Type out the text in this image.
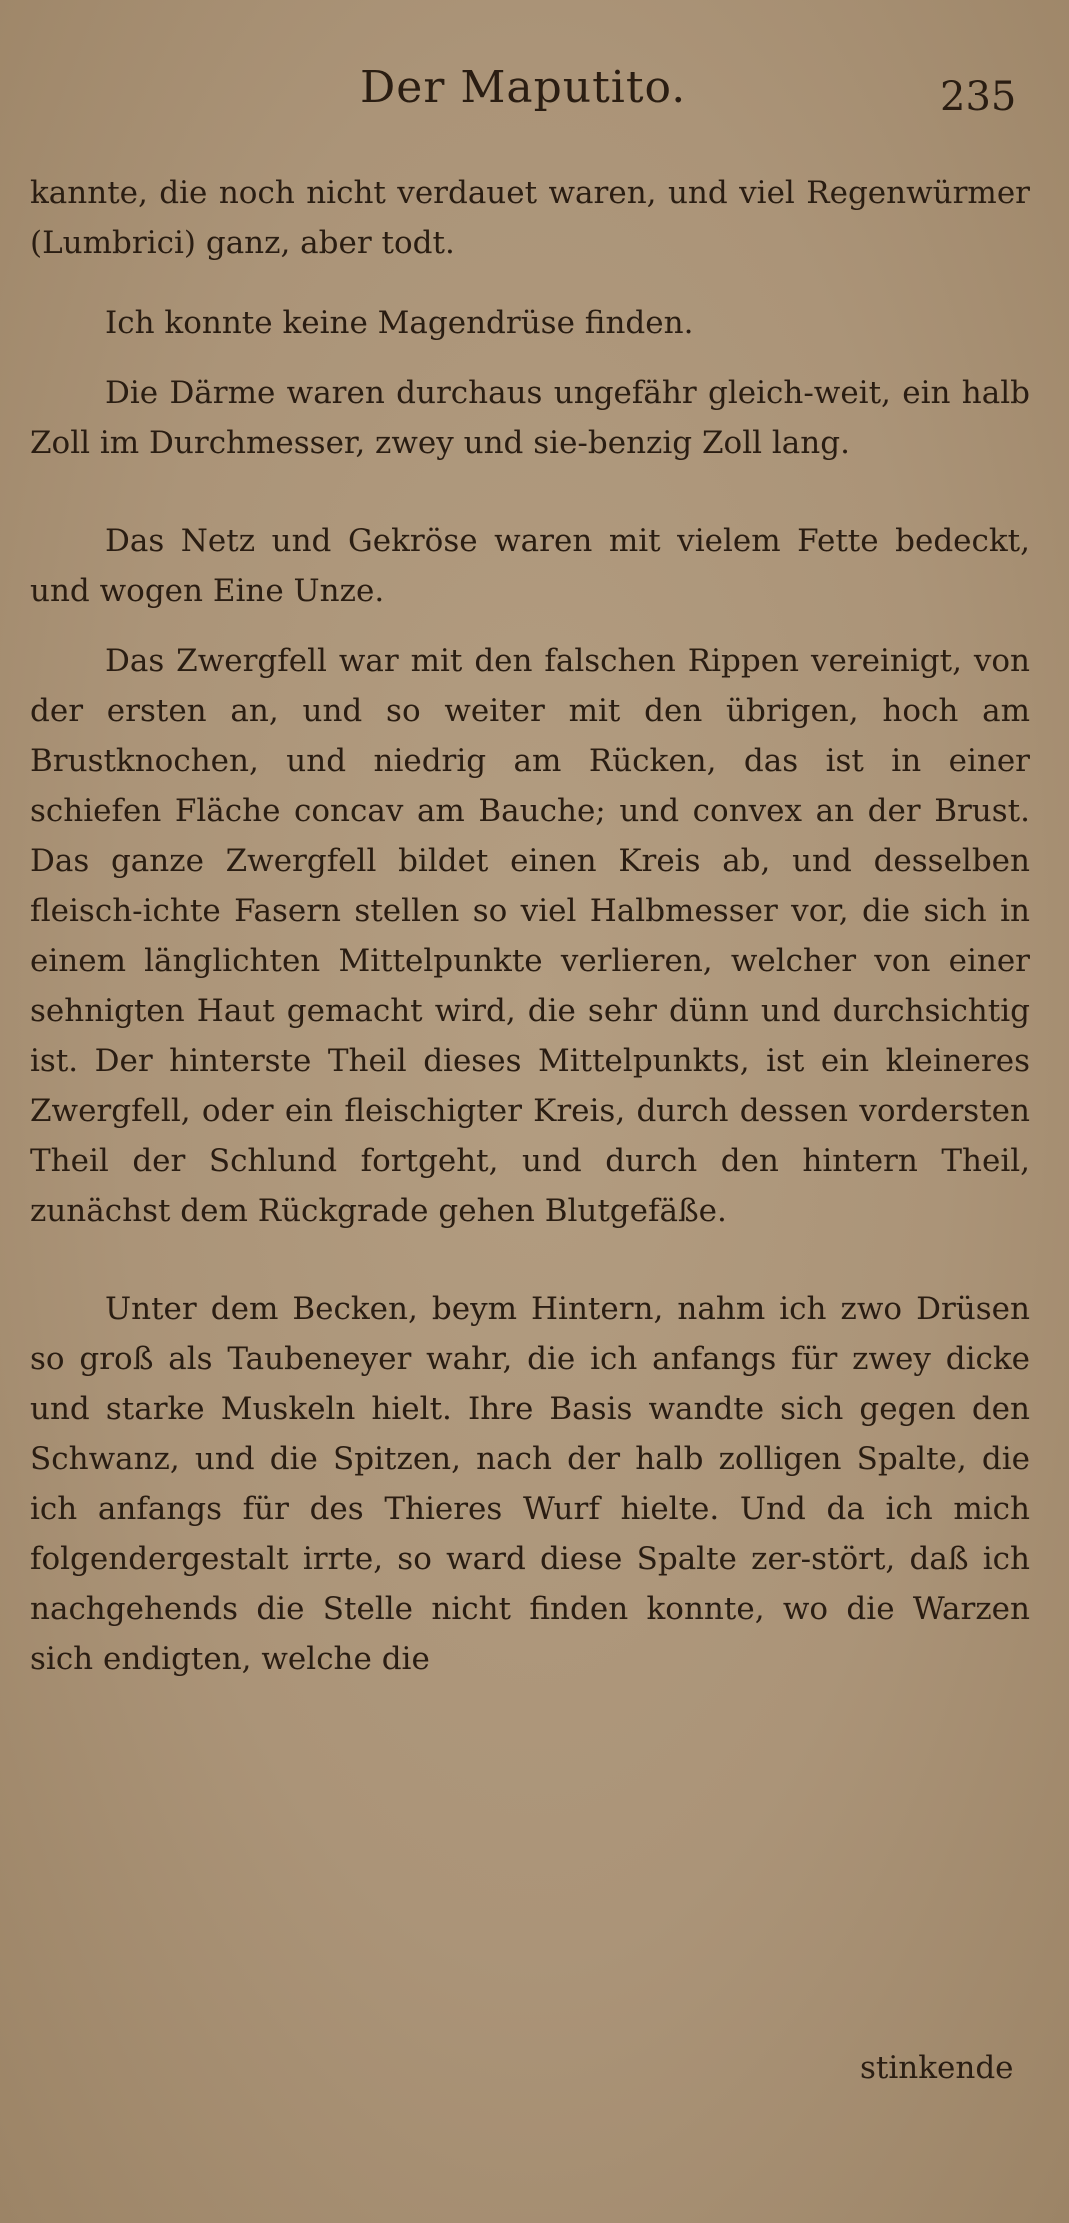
Der Maputito.	235

kannte, die noch nicht verdauet waren, und viel Regenwürmer (Lumbrici) ganz, aber todt.

Ich konnte keine Magendrüse finden.

Die Därme waren durchaus ungefähr gleich-weit, ein halb Zoll im Durchmesser, zwey und sie-benzig Zoll lang.

Das Netz und Gekröse waren mit vielem Fette bedeckt, und wogen Eine Unze.

Das Zwergfell war mit den falschen Rippen vereinigt, von der ersten an, und so weiter mit den übrigen, hoch am Brustknochen, und niedrig am Rücken, das ist in einer schiefen Fläche concav am Bauche; und convex an der Brust. Das ganze Zwergfell bildet einen Kreis ab, und desselben fleisch-ichte Fasern stellen so viel Halbmesser vor, die sich in einem länglichten Mittelpunkte verlieren, welcher von einer sehnigten Haut gemacht wird, die sehr dünn und durchsichtig ist. Der hinterste Theil dieses Mittelpunkts, ist ein kleineres Zwergfell, oder ein fleischigter Kreis, durch dessen vordersten Theil der Schlund fortgeht, und durch den hintern Theil, zunächst dem Rückgrade gehen Blutgefäße.

Unter dem Becken, beym Hintern, nahm ich zwo Drüsen so groß als Taubeneyer wahr, die ich anfangs für zwey dicke und starke Muskeln hielt. Ihre Basis wandte sich gegen den Schwanz, und die Spitzen, nach der halb zolligen Spalte, die ich anfangs für des Thieres Wurf hielte. Und da ich mich folgendergestalt irrte, so ward diese Spalte zer-stört, daß ich nachgehends die Stelle nicht finden konnte, wo die Warzen sich endigten, welche die

stinkende
